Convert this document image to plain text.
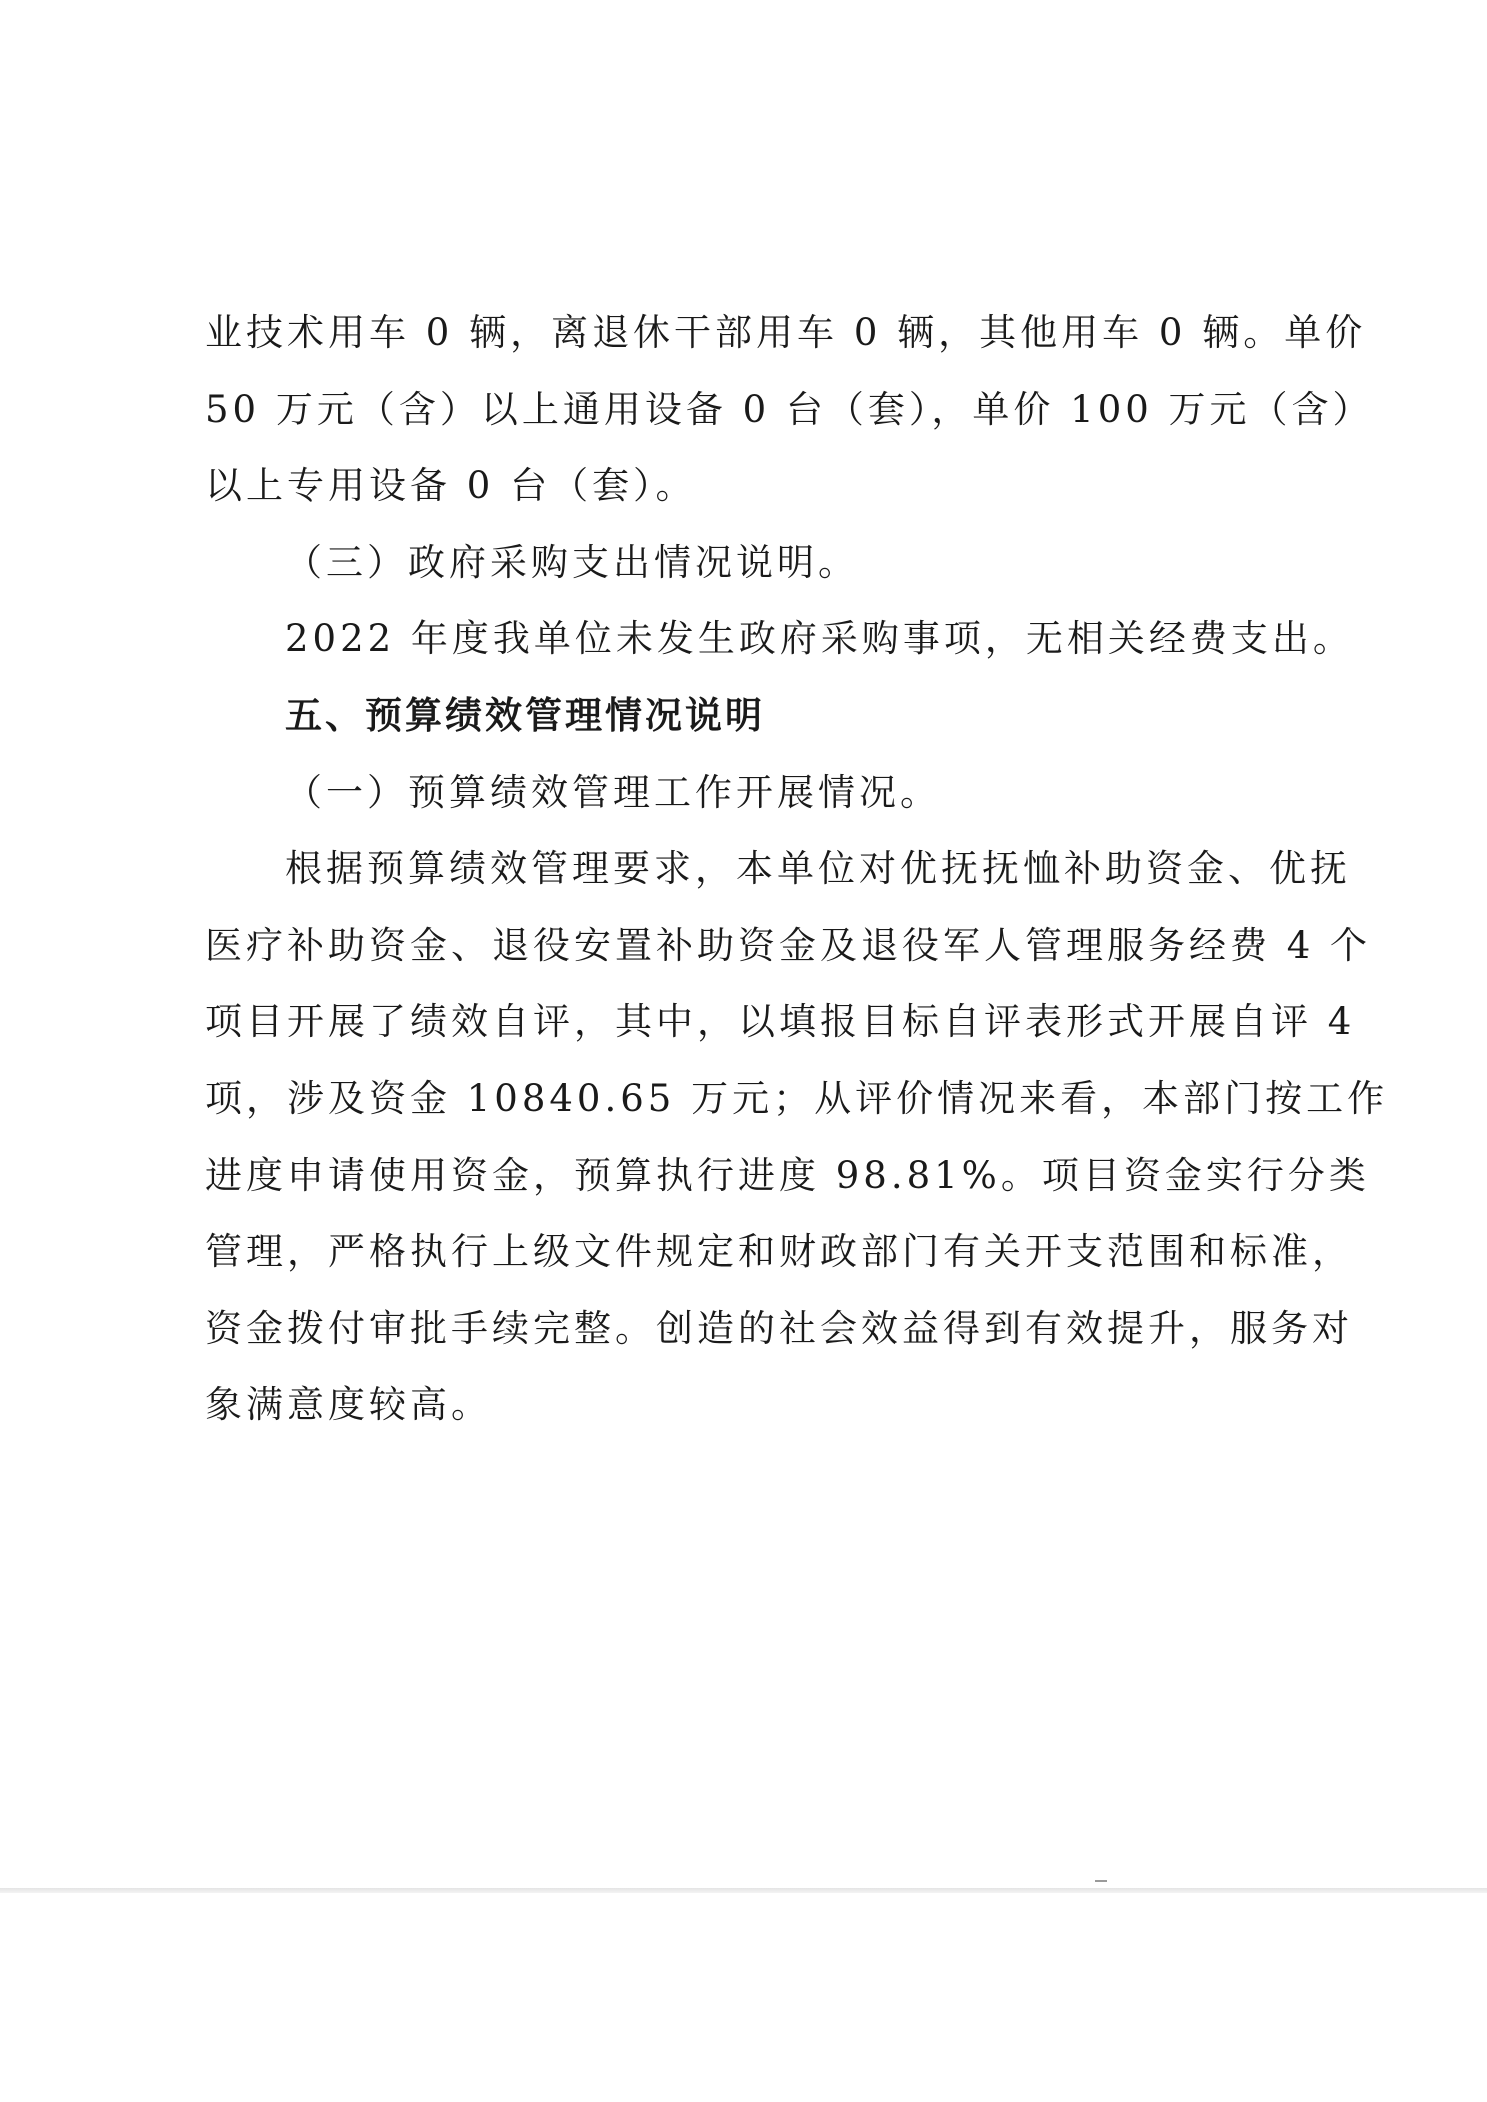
业技术用车 0 辆，离退休干部用车 0 辆，其他用车 0 辆。单价
50 万元（含）以上通用设备 0 台（套），单价 100 万元（含）
以上专用设备 0 台（套）。
（三）政府采购支出情况说明。
2022 年度我单位未发生政府采购事项，无相关经费支出。
五、预算绩效管理情况说明
（一）预算绩效管理工作开展情况。
根据预算绩效管理要求，本单位对优抚抚恤补助资金、优抚
医疗补助资金、退役安置补助资金及退役军人管理服务经费 4 个
项目开展了绩效自评，其中，以填报目标自评表形式开展自评 4
项，涉及资金 10840.65 万元；从评价情况来看，本部门按工作
进度申请使用资金，预算执行进度 98.81%。项目资金实行分类
管理，严格执行上级文件规定和财政部门有关开支范围和标准，
资金拨付审批手续完整。创造的社会效益得到有效提升，服务对
象满意度较高。
